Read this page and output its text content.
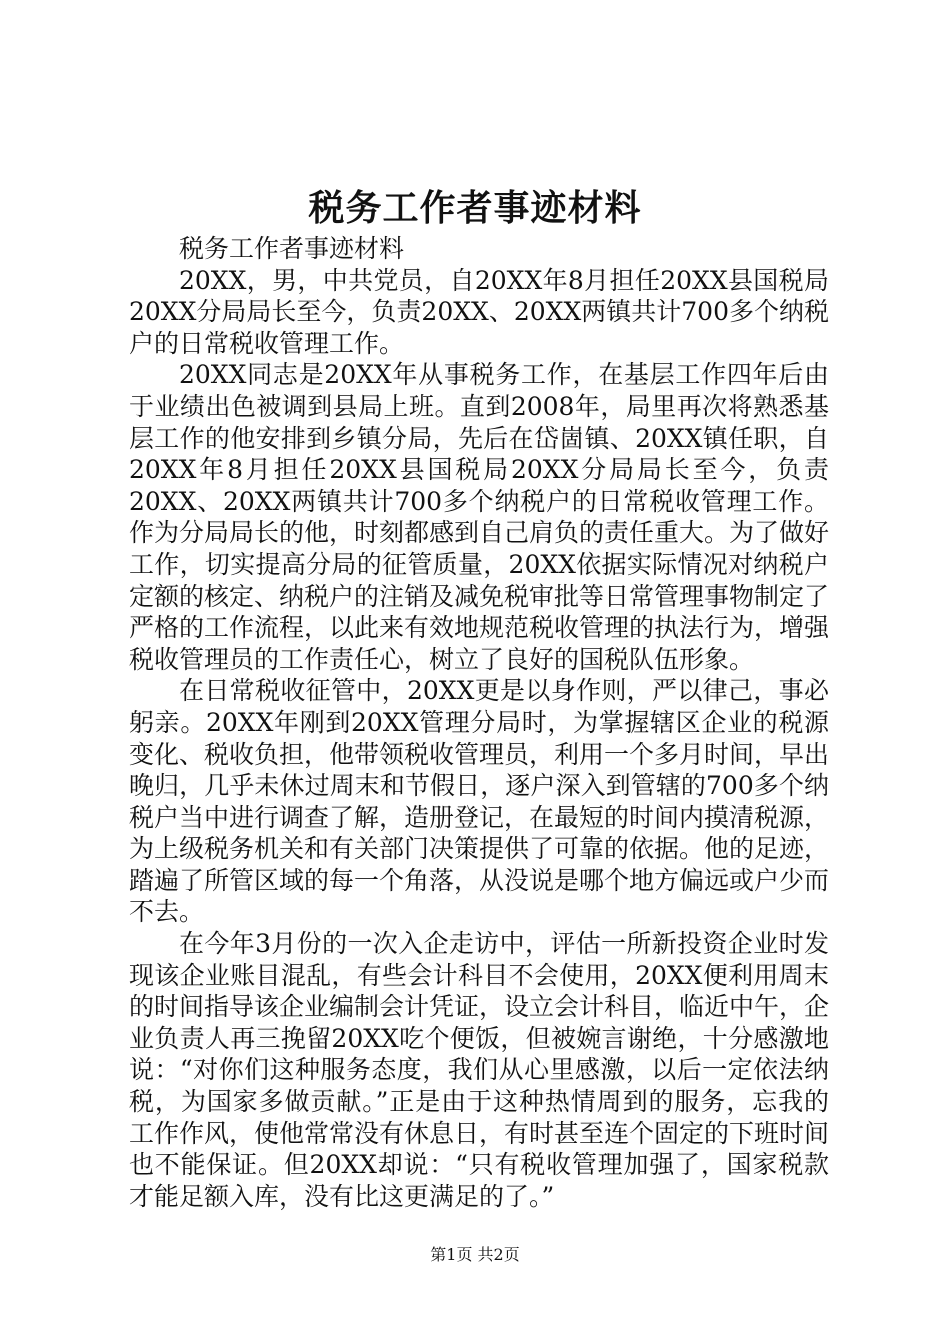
税务工作者事迹材料

税务工作者事迹材料

20XX，男，中共党员，自20XX年8月担任20XX县国税局20XX分局局长至今，负责20XX、20XX两镇共计700多个纳税户的日常税收管理工作。

20XX同志是20XX年从事税务工作，在基层工作四年后由于业绩出色被调到县局上班。直到2008年，局里再次将熟悉基层工作的他安排到乡镇分局，先后在岱崮镇、20XX镇任职，自20XX年8月担任20XX县国税局20XX分局局长至今，负责20XX、20XX两镇共计700多个纳税户的日常税收管理工作。作为分局局长的他，时刻都感到自己肩负的责任重大。为了做好工作，切实提高分局的征管质量，20XX依据实际情况对纳税户定额的核定、纳税户的注销及减免税审批等日常管理事物制定了严格的工作流程，以此来有效地规范税收管理的执法行为，增强税收管理员的工作责任心，树立了良好的国税队伍形象。

在日常税收征管中，20XX更是以身作则，严以律己，事必躬亲。20XX年刚到20XX管理分局时，为掌握辖区企业的税源变化、税收负担，他带领税收管理员，利用一个多月时间，早出晚归，几乎未休过周末和节假日，逐户深入到管辖的700多个纳税户当中进行调查了解，造册登记，在最短的时间内摸清税源，为上级税务机关和有关部门决策提供了可靠的依据。他的足迹，踏遍了所管区域的每一个角落，从没说是哪个地方偏远或户少而不去。

在今年3月份的一次入企走访中，评估一所新投资企业时发现该企业账目混乱，有些会计科目不会使用，20XX便利用周末的时间指导该企业编制会计凭证，设立会计科目，临近中午，企业负责人再三挽留20XX吃个便饭，但被婉言谢绝，十分感激地说：“对你们这种服务态度，我们从心里感激，以后一定依法纳税，为国家多做贡献。”正是由于这种热情周到的服务，忘我的工作作风，使他常常没有休息日，有时甚至连个固定的下班时间也不能保证。但20XX却说：“只有税收管理加强了，国家税款才能足额入库，没有比这更满足的了。”

第1页 共2页
